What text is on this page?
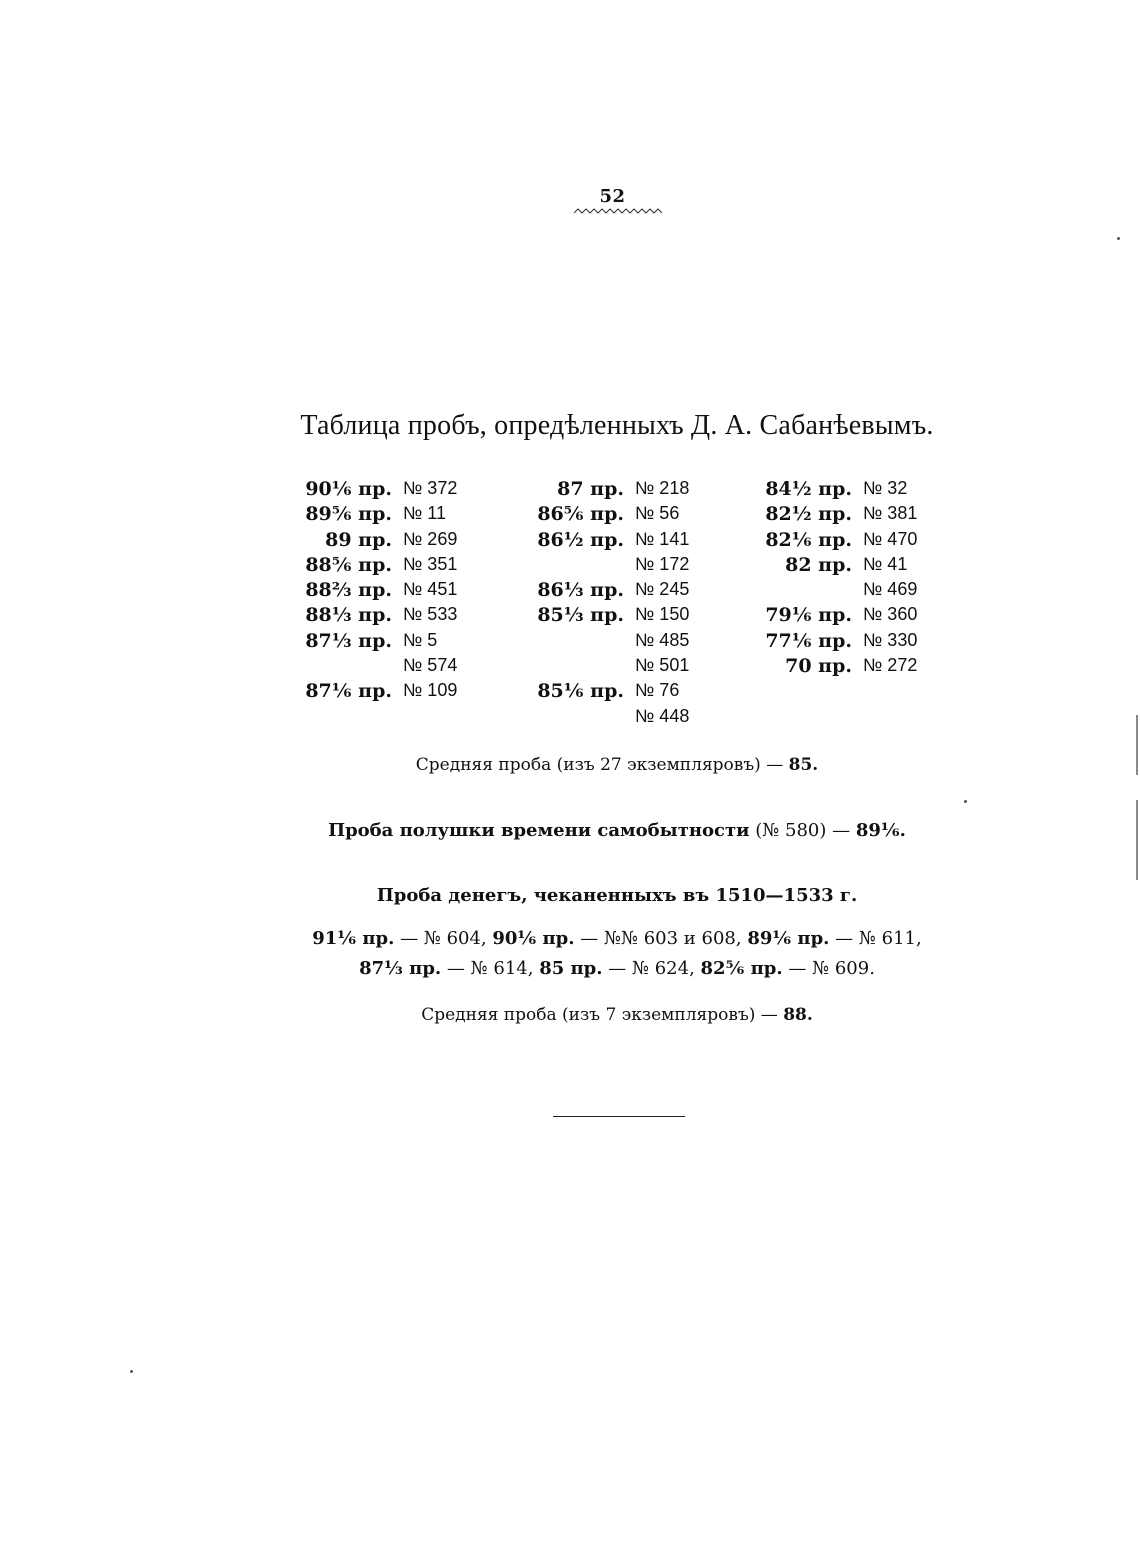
52
Таблица пробъ, опредѣленныхъ Д. А. Сабанѣевымъ.
90¹⁄₆ пр. № 372
89⁵⁄₆ пр. № 11
89 пр. № 269
88⁵⁄₆ пр. № 351
88²⁄₃ пр. № 451
88¹⁄₃ пр. № 533
87¹⁄₃ пр. № 5
№ 574
87¹⁄₆ пр. № 109
87 пр. № 218
86⁵⁄₆ пр. № 56
86¹⁄₂ пр. № 141
№ 172
86¹⁄₃ пр. № 245
85¹⁄₃ пр. № 150
№ 485
№ 501
85¹⁄₆ пр. № 76
№ 448
84¹⁄₂ пр. № 32
82¹⁄₂ пр. № 381
82¹⁄₆ пр. № 470
82 пр. № 41
№ 469
79¹⁄₆ пр. № 360
77¹⁄₆ пр. № 330
70 пр. № 272
Средняя проба (изъ 27 экземпляровъ) — 85.
Проба полушки времени самобытности (№ 580) — 89¹⁄₆.
Проба денегъ, чеканенныхъ въ 1510—1533 г.
91¹⁄₆ пр. — № 604, 90¹⁄₆ пр. — №№ 603 и 608, 89¹⁄₆ пр. — № 611,
87¹⁄₃ пр. — № 614, 85 пр. — № 624, 82⁵⁄₆ пр. — № 609.
Средняя проба (изъ 7 экземпляровъ) — 88.
